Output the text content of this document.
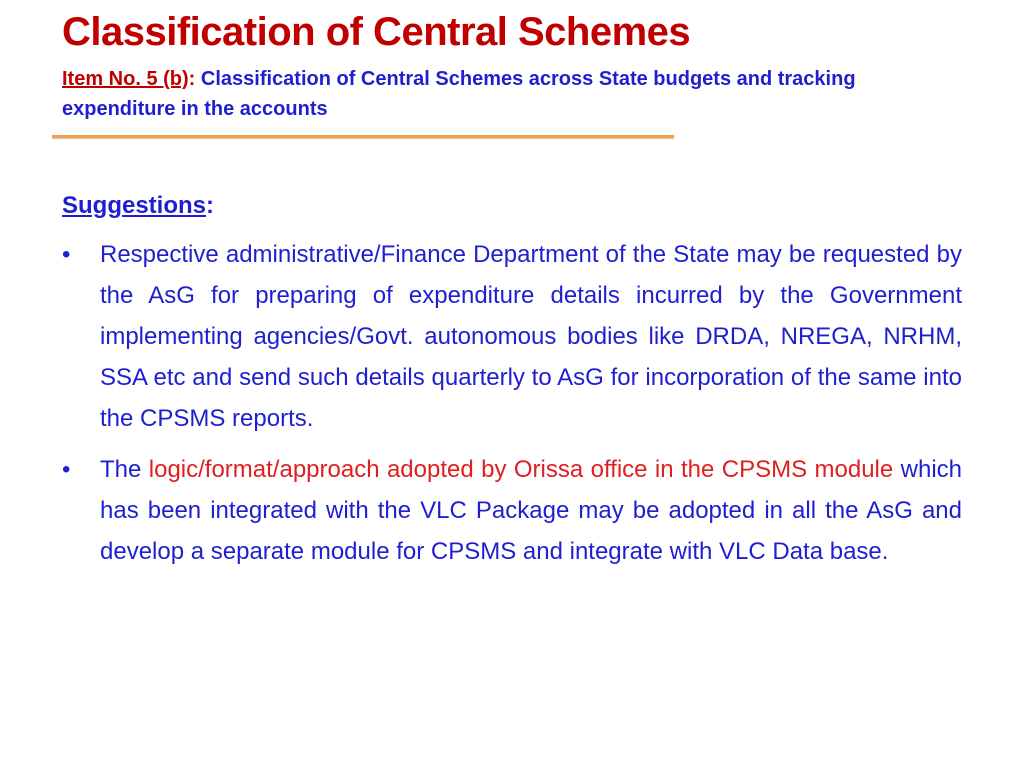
Classification of Central Schemes

Item No. 5 (b): Classification of Central Schemes across State budgets and tracking expenditure in the accounts

Suggestions:

•	Respective administrative/Finance Department of the State may be requested by the AsG for preparing of expenditure details incurred by the Government implementing agencies/Govt. autonomous bodies like DRDA, NREGA, NRHM, SSA etc and send such details quarterly to AsG for incorporation of the same into the CPSMS reports.
•	The logic/format/approach adopted by Orissa office in the CPSMS module which has been integrated with the VLC Package may be adopted in all the AsG and develop a separate module for CPSMS and integrate with VLC Data base.
